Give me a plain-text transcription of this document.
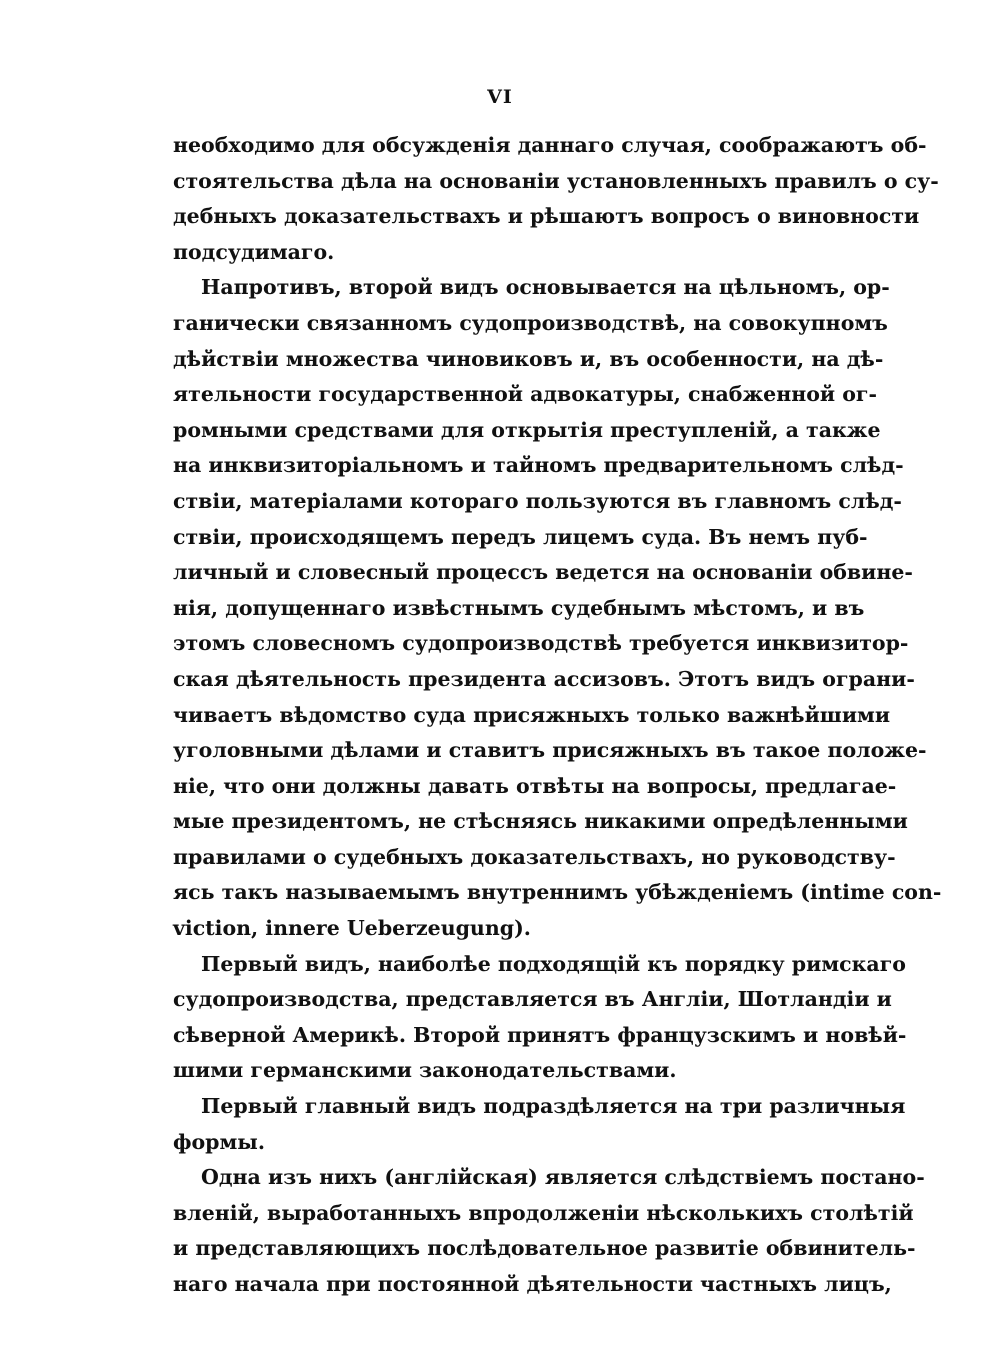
VI
необходимо для обсужденія даннаго случая, соображаютъ об-
стоятельства дѣла на основаніи установленныхъ правилъ о су-
дебныхъ доказательствахъ и рѣшаютъ вопросъ о виновности
подсудимаго.
Напротивъ, второй видъ основывается на цѣльномъ, ор-
ганически связанномъ судопроизводствѣ, на совокупномъ
дѣйствіи множества чиновиковъ и, въ особенности, на дѣ-
ятельности государственной адвокатуры, снабженной ог-
ромными средствами для открытія преступленій, а также
на инквизиторіальномъ и тайномъ предварительномъ слѣд-
ствіи, матеріалами котораго пользуются въ главномъ слѣд-
ствіи, происходящемъ передъ лицемъ суда. Въ немъ пуб-
личный и словесный процессъ ведется на основаніи обвине-
нія, допущеннаго извѣстнымъ судебнымъ мѣстомъ, и въ
этомъ словесномъ судопроизводствѣ требуется инквизитор-
ская дѣятельность президента ассизовъ. Этотъ видъ ограни-
чиваетъ вѣдомство суда присяжныхъ только важнѣйшими
уголовными дѣлами и ставитъ присяжныхъ въ такое положе-
ніе, что они должны давать отвѣты на вопросы, предлагае-
мые президентомъ, не стѣсняясь никакими опредѣленными
правилами о судебныхъ доказательствахъ, но руководству-
ясь такъ называемымъ внутреннимъ убѣжденіемъ (intime con-
viction, innere Ueberzeugung).
Первый видъ, наиболѣе подходящій къ порядку римскаго
судопроизводства, представляется въ Англіи, Шотландіи и
сѣверной Америкѣ. Второй принятъ французскимъ и новѣй-
шими германскими законодательствами.
Первый главный видъ подраздѣляется на три различныя
формы.
Одна изъ нихъ (англійская) является слѣдствіемъ постано-
вленій, выработанныхъ впродолженіи нѣсколькихъ столѣтій
и представляющихъ послѣдовательное развитіе обвинитель-
наго начала при постоянной дѣятельности частныхъ лицъ,
